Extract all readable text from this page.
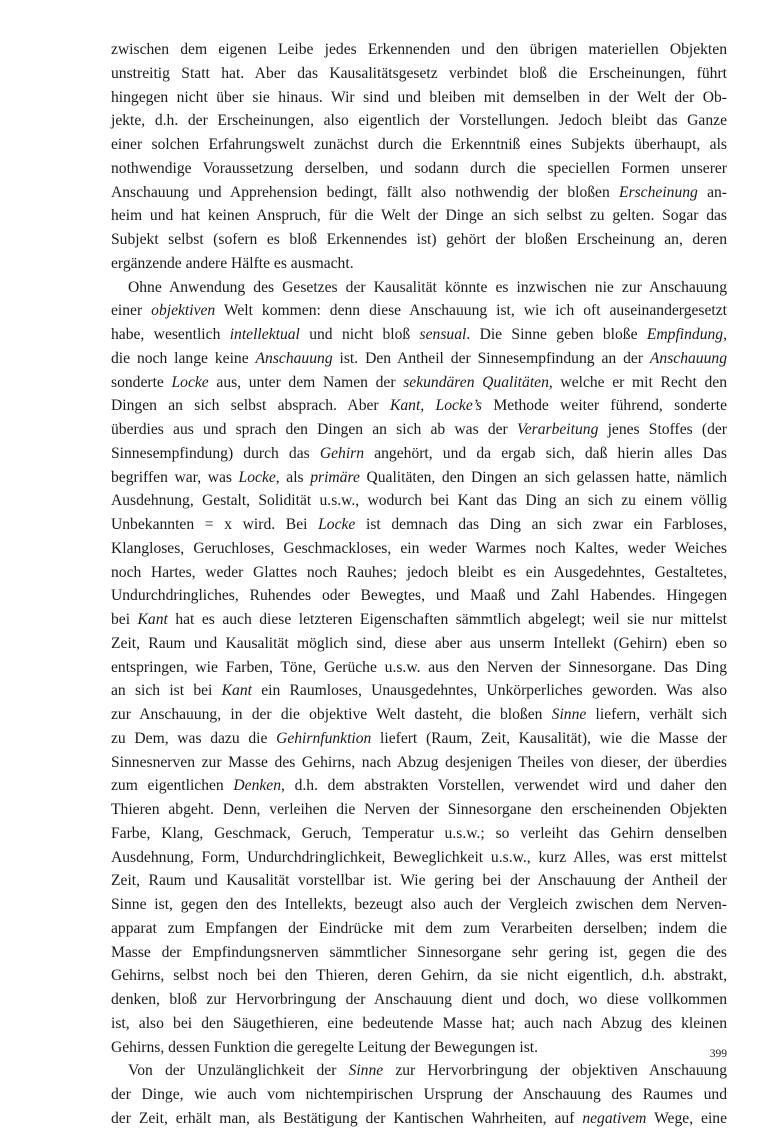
zwischen dem eigenen Leibe jedes Erkennenden und den übrigen materiellen Objekten
unstreitig Statt hat. Aber das Kausalitätsgesetz verbindet bloß die Erscheinungen, führt
hingegen nicht über sie hinaus. Wir sind und bleiben mit demselben in der Welt der Ob-
jekte, d.h. der Erscheinungen, also eigentlich der Vorstellungen. Jedoch bleibt das Ganze
einer solchen Erfahrungswelt zunächst durch die Erkenntniß eines Subjekts überhaupt, als
nothwendige Voraussetzung derselben, und sodann durch die speciellen Formen unserer
Anschauung und Apprehension bedingt, fällt also nothwendig der bloßen Erscheinung an-
heim und hat keinen Anspruch, für die Welt der Dinge an sich selbst zu gelten. Sogar das
Subjekt selbst (sofern es bloß Erkennendes ist) gehört der bloßen Erscheinung an, deren
ergänzende andere Hälfte es ausmacht.
Ohne Anwendung des Gesetzes der Kausalität könnte es inzwischen nie zur Anschauung
einer objektiven Welt kommen: denn diese Anschauung ist, wie ich oft auseinandergesetzt
habe, wesentlich intellektual und nicht bloß sensual. Die Sinne geben bloße Empfindung,
die noch lange keine Anschauung ist. Den Antheil der Sinnesempfindung an der Anschauung
sonderte Locke aus, unter dem Namen der sekundären Qualitäten, welche er mit Recht den
Dingen an sich selbst absprach. Aber Kant, Locke’s Methode weiter führend, sonderte
überdies aus und sprach den Dingen an sich ab was der Verarbeitung jenes Stoffes (der
Sinnesempfindung) durch das Gehirn angehört, und da ergab sich, daß hierin alles Das
begriffen war, was Locke, als primäre Qualitäten, den Dingen an sich gelassen hatte, nämlich
Ausdehnung, Gestalt, Solidität u.s.w., wodurch bei Kant das Ding an sich zu einem völlig
Unbekannten = x wird. Bei Locke ist demnach das Ding an sich zwar ein Farbloses,
Klangloses, Geruchloses, Geschmackloses, ein weder Warmes noch Kaltes, weder Weiches
noch Hartes, weder Glattes noch Rauhes; jedoch bleibt es ein Ausgedehntes, Gestaltetes,
Undurchdringliches, Ruhendes oder Bewegtes, und Maaß und Zahl Habendes. Hingegen
bei Kant hat es auch diese letzteren Eigenschaften sämmtlich abgelegt; weil sie nur mittelst
Zeit, Raum und Kausalität möglich sind, diese aber aus unserm Intellekt (Gehirn) eben so
entspringen, wie Farben, Töne, Gerüche u.s.w. aus den Nerven der Sinnesorgane. Das Ding
an sich ist bei Kant ein Raumloses, Unausgedehntes, Unkörperliches geworden. Was also
zur Anschauung, in der die objektive Welt dasteht, die bloßen Sinne liefern, verhält sich
zu Dem, was dazu die Gehirnfunktion liefert (Raum, Zeit, Kausalität), wie die Masse der
Sinnesnerven zur Masse des Gehirns, nach Abzug desjenigen Theiles von dieser, der überdies
zum eigentlichen Denken, d.h. dem abstrakten Vorstellen, verwendet wird und daher den
Thieren abgeht. Denn, verleihen die Nerven der Sinnesorgane den erscheinenden Objekten
Farbe, Klang, Geschmack, Geruch, Temperatur u.s.w.; so verleiht das Gehirn denselben
Ausdehnung, Form, Undurchdringlichkeit, Beweglichkeit u.s.w., kurz Alles, was erst mittelst
Zeit, Raum und Kausalität vorstellbar ist. Wie gering bei der Anschauung der Antheil der
Sinne ist, gegen den des Intellekts, bezeugt also auch der Vergleich zwischen dem Nerven-
apparat zum Empfangen der Eindrücke mit dem zum Verarbeiten derselben; indem die
Masse der Empfindungsnerven sämmtlicher Sinnesorgane sehr gering ist, gegen die des
Gehirns, selbst noch bei den Thieren, deren Gehirn, da sie nicht eigentlich, d.h. abstrakt,
denken, bloß zur Hervorbringung der Anschauung dient und doch, wo diese vollkommen
ist, also bei den Säugethieren, eine bedeutende Masse hat; auch nach Abzug des kleinen
Gehirns, dessen Funktion die geregelte Leitung der Bewegungen ist.
Von der Unzulänglichkeit der Sinne zur Hervorbringung der objektiven Anschauung
der Dinge, wie auch vom nichtempirischen Ursprung der Anschauung des Raumes und
der Zeit, erhält man, als Bestätigung der Kantischen Wahrheiten, auf negativem Wege, eine
399
